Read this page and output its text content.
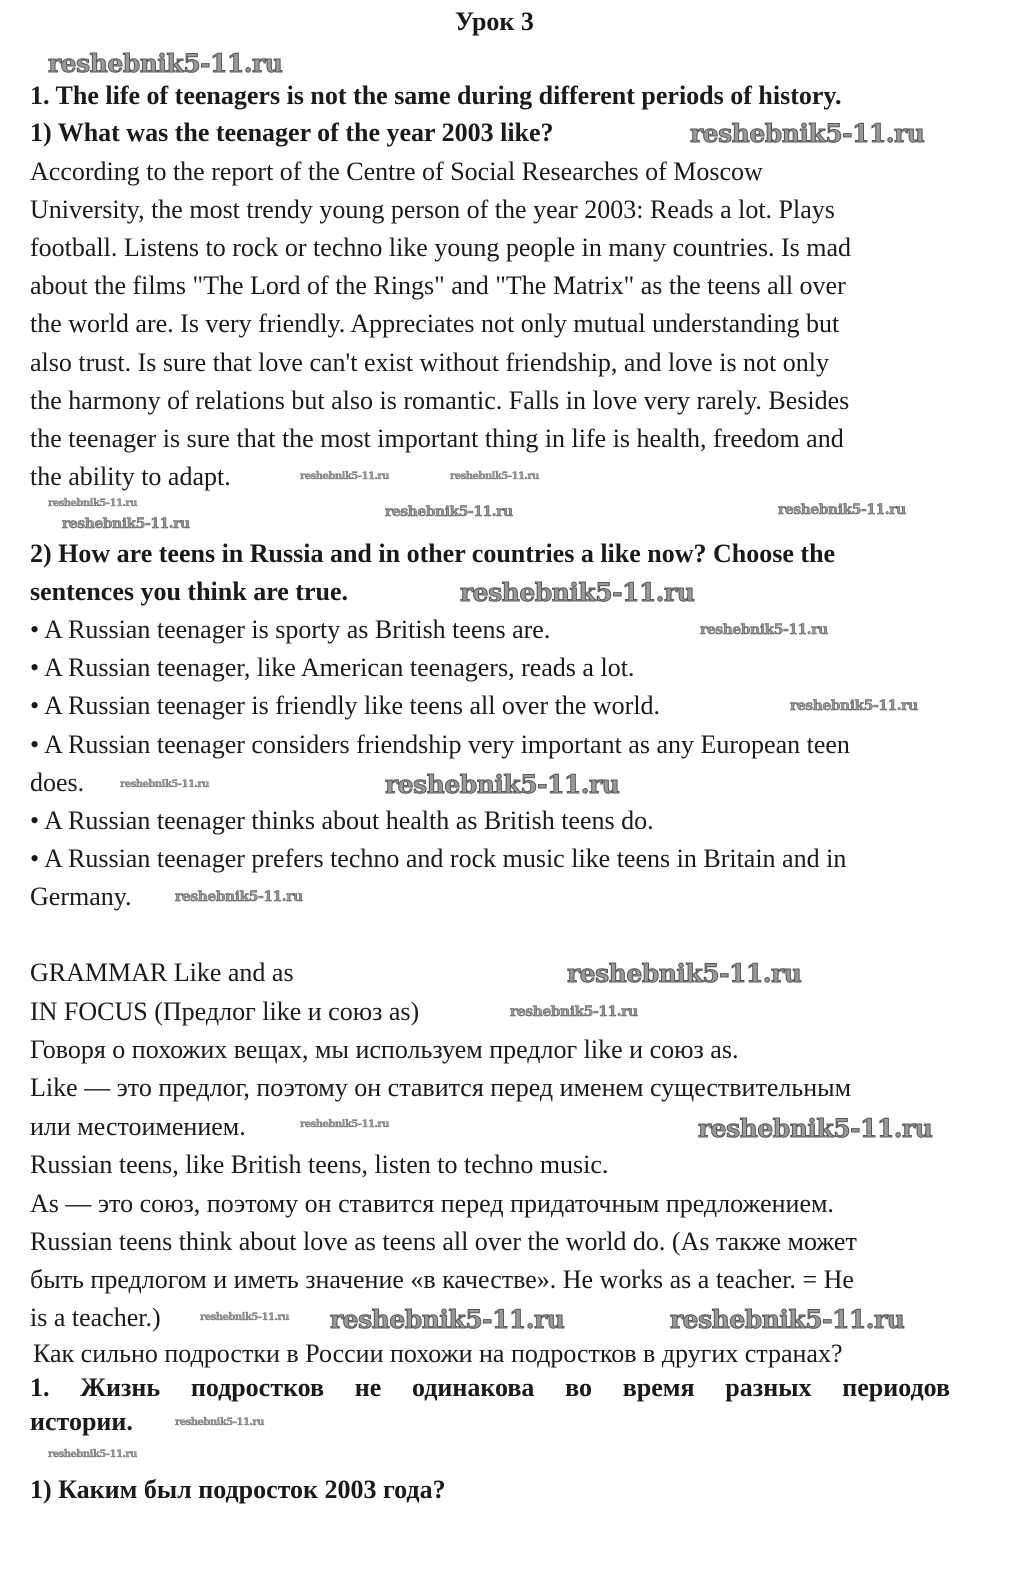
Урок 3
1. The life of teenagers is not the same during different periods of history.
1) What was the teenager of the year 2003 like?
According to the report of the Centre of Social Researches of Moscow
University, the most trendy young person of the year 2003: Reads a lot. Plays
football. Listens to rock or techno like young people in many countries. Is mad
about the films "The Lord of the Rings" and "The Matrix" as the teens all over
the world are. Is very friendly. Appreciates not only mutual understanding but
also trust. Is sure that love can't exist without friendship, and love is not only
the harmony of relations but also is romantic. Falls in love very rarely. Besides
the teenager is sure that the most important thing in life is health, freedom and
the ability to adapt.
2) How are teens in Russia and in other countries a like now? Choose the
sentences you think are true.
• A Russian teenager is sporty as British teens are.
• A Russian teenager, like American teenagers, reads a lot.
• A Russian teenager is friendly like teens all over the world.
• A Russian teenager considers friendship very important as any European teen
does.
• A Russian teenager thinks about health as British teens do.
• A Russian teenager prefers techno and rock music like teens in Britain and in
Germany.
GRAMMAR Like and as
IN FOCUS (Предлог like и союз as)
Говоря о похожих вещах, мы используем предлог like и союз as.
Like — это предлог, поэтому он ставится перед именем существительным
или местоимением.
Russian teens, like British teens, listen to techno music.
As — это союз, поэтому он ставится перед придаточным предложением.
Russian teens think about love as teens all over the world do. (As также может
быть предлогом и иметь значение «в качестве». He works as a teacher. = He
is a teacher.)
Как сильно подростки в России похожи на подростков в других странах?
1. Жизнь подростков не одинакова во время разных периодов
истории.
1) Каким был подросток 2003 года?
reshebnik5-11.ru
reshebnik5-11.ru
reshebnik5-11.ru	reshebnik5-11.ru
reshebnik5-11.ru
reshebnik5-11.ru	reshebnik5-11.ru
reshebnik5-11.ru
reshebnik5-11.ru
reshebnik5-11.ru
reshebnik5-11.ru
reshebnik5-11.ru	reshebnik5-11.ru
reshebnik5-11.ru
reshebnik5-11.ru
reshebnik5-11.ru
reshebnik5-11.ru	reshebnik5-11.ru
reshebnik5-11.ru reshebnik5-11.ru	reshebnik5-11.ru
reshebnik5-11.ru
reshebnik5-11.ru
